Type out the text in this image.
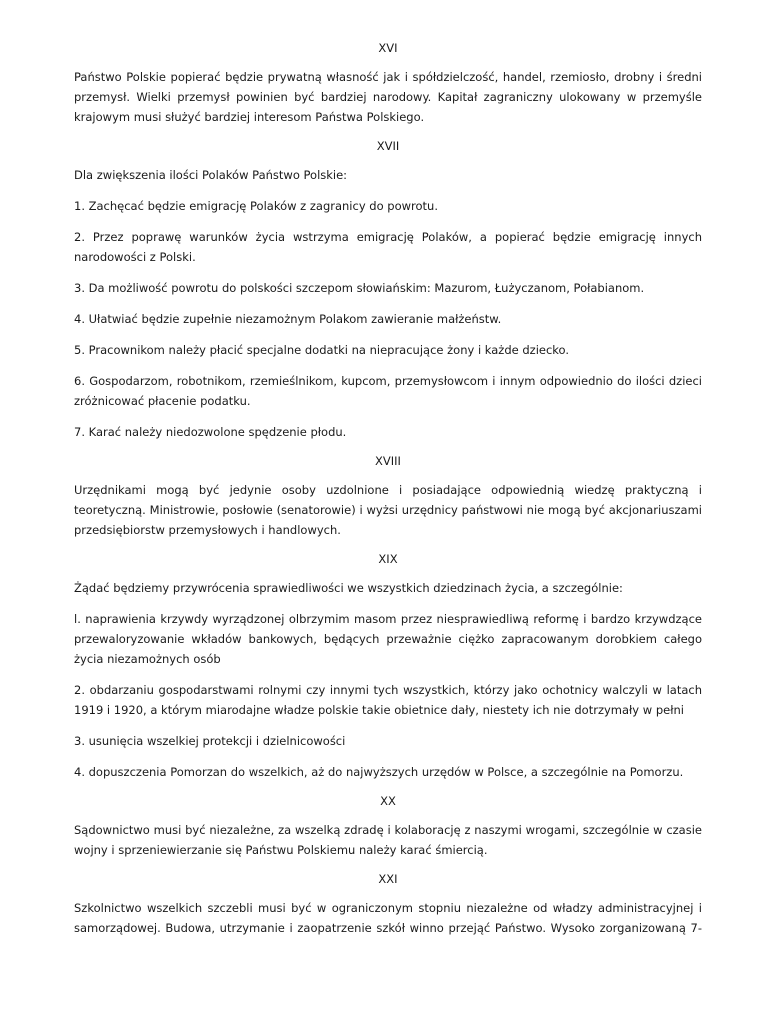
XVI

Państwo Polskie popierać będzie prywatną własność jak i spółdzielczość, handel, rzemiosło, drobny i średni przemysł. Wielki przemysł powinien być bardziej narodowy. Kapitał zagraniczny ulokowany w przemyśle krajowym musi służyć bardziej interesom Państwa Polskiego.

XVII

Dla zwiększenia ilości Polaków Państwo Polskie:

1. Zachęcać będzie emigrację Polaków z zagranicy do powrotu.

2. Przez poprawę warunków życia wstrzyma emigrację Polaków, a popierać będzie emigrację innych narodowości z Polski.

3. Da możliwość powrotu do polskości szczepom słowiańskim: Mazurom, Łużyczanom, Połabianom.

4. Ułatwiać będzie zupełnie niezamożnym Polakom zawieranie małżeństw.

5. Pracownikom należy płacić specjalne dodatki na niepracujące żony i każde dziecko.

6. Gospodarzom, robotnikom, rzemieślnikom, kupcom, przemysłowcom i innym odpowiednio do ilości dzieci zróżnicować płacenie podatku.

7. Karać należy niedozwolone spędzenie płodu.

XVIII

Urzędnikami mogą być jedynie osoby uzdolnione i posiadające odpowiednią wiedzę praktyczną i teoretyczną. Ministrowie, posłowie (senatorowie) i wyżsi urzędnicy państwowi nie mogą być akcjonariuszami przedsiębiorstw przemysłowych i handlowych.

XIX

Żądać będziemy przywrócenia sprawiedliwości we wszystkich dziedzinach życia, a szczególnie:

l. naprawienia krzywdy wyrządzonej olbrzymim masom przez niesprawiedliwą reformę i bardzo krzywdzące przewaloryzowanie wkładów bankowych, będących przeważnie ciężko zapracowanym dorobkiem całego życia niezamożnych osób

2. obdarzaniu gospodarstwami rolnymi czy innymi tych wszystkich, którzy jako ochotnicy walczyli w latach 1919 i 1920, a którym miarodajne władze polskie takie obietnice dały, niestety ich nie dotrzymały w pełni

3. usunięcia wszelkiej protekcji i dzielnicowości

4. dopuszczenia Pomorzan do wszelkich, aż do najwyższych urzędów w Polsce, a szczególnie na Pomorzu.

XX

Sądownictwo musi być niezależne, za wszelką zdradę i kolaborację z naszymi wrogami, szczególnie w czasie wojny i sprzeniewierzanie się Państwu Polskiemu należy karać śmiercią.

XXI

Szkolnictwo wszelkich szczebli musi być w ograniczonym stopniu niezależne od władzy administracyjnej i samorządowej. Budowa, utrzymanie i zaopatrzenie szkół winno przejąć Państwo. Wysoko zorganizowaną 7-
